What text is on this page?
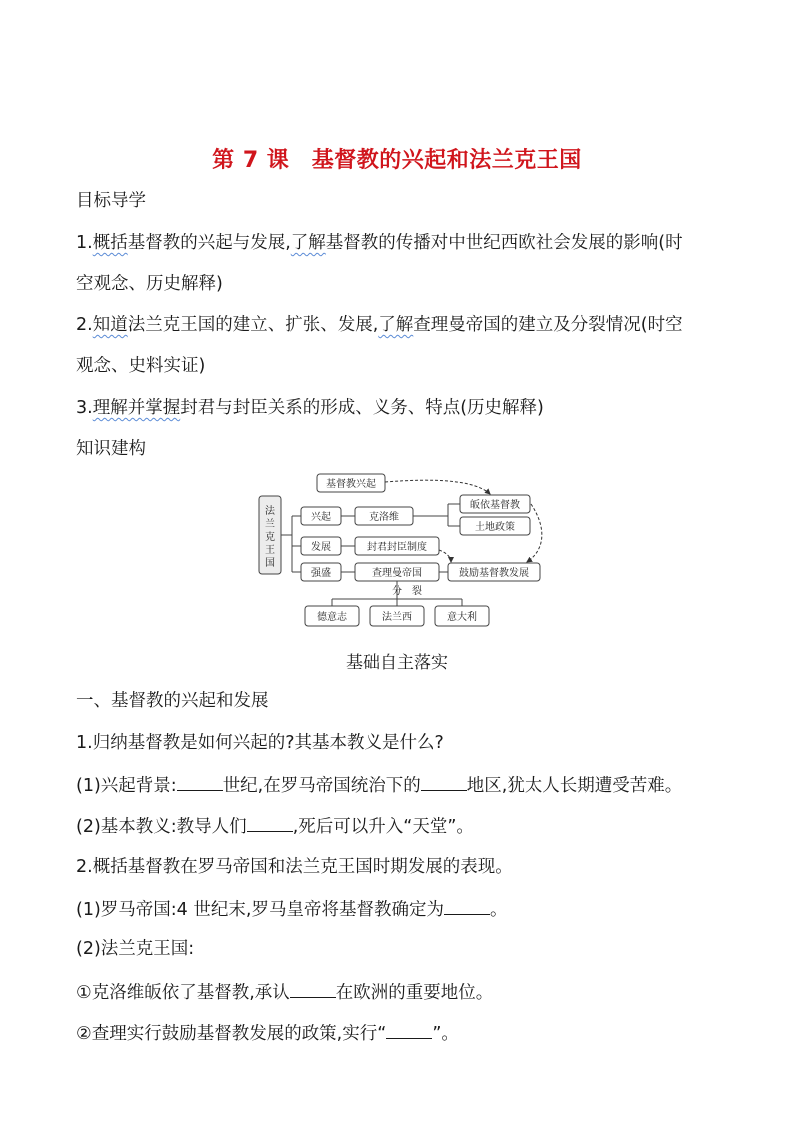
第 7 课　基督教的兴起和法兰克王国
目标导学
1.概括基督教的兴起与发展,了解基督教的传播对中世纪西欧社会发展的影响(时
空观念、历史解释)
2.知道法兰克王国的建立、扩张、发展,了解查理曼帝国的建立及分裂情况(时空
观念、史料实证)
3.理解并掌握封君与封臣关系的形成、义务、特点(历史解释)
知识建构
法
兰
克
王
国
兴起
发展
强盛
克洛维
封君封臣制度
查理曼帝国
基督教兴起
皈依基督教
土地政策
鼓励基督教发展
分　裂
德意志	法兰西	意大利
基础自主落实
一、基督教的兴起和发展
1.归纳基督教是如何兴起的?其基本教义是什么?
(1)兴起背景:	世纪,在罗马帝国统治下的	地区,犹太人长期遭受苦难。
(2)基本教义:教导人们	,死后可以升入“天堂”。
2.概括基督教在罗马帝国和法兰克王国时期发展的表现。
(1)罗马帝国:4 世纪末,罗马皇帝将基督教确定为	。
(2)法兰克王国:
①克洛维皈依了基督教,承认	在欧洲的重要地位。
②查理实行鼓励基督教发展的政策,实行“	”。
